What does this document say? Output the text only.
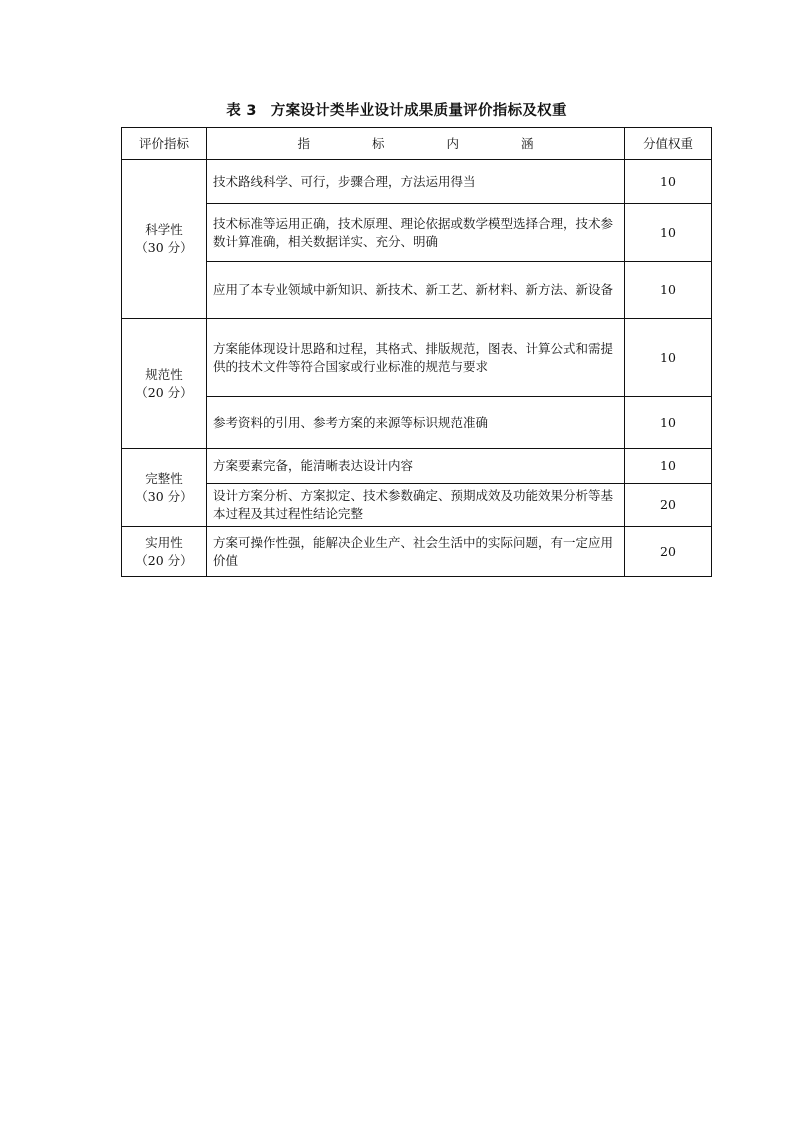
表 3 方案设计类毕业设计成果质量评价指标及权重
评价指标	指 标 内 涵	分值权重

科学性
（30 分）	技术路线科学、可行，步骤合理，方法运用得当	10
	技术标准等运用正确，技术原理、理论依据或数学模型选择合理，技术参数计算准确，相关数据详实、充分、明确	10
	应用了本专业领域中新知识、新技术、新工艺、新材料、新方法、新设备	10

规范性
（20 分）	方案能体现设计思路和过程，其格式、排版规范，图表、计算公式和需提供的技术文件等符合国家或行业标准的规范与要求	10
	参考资料的引用、参考方案的来源等标识规范准确	10

完整性
（30 分）	方案要素完备，能清晰表达设计内容	10
	设计方案分析、方案拟定、技术参数确定、预期成效及功能效果分析等基本过程及其过程性结论完整	20

实用性
（20 分）	方案可操作性强，能解决企业生产、社会生活中的实际问题，有一定应用价值	20
